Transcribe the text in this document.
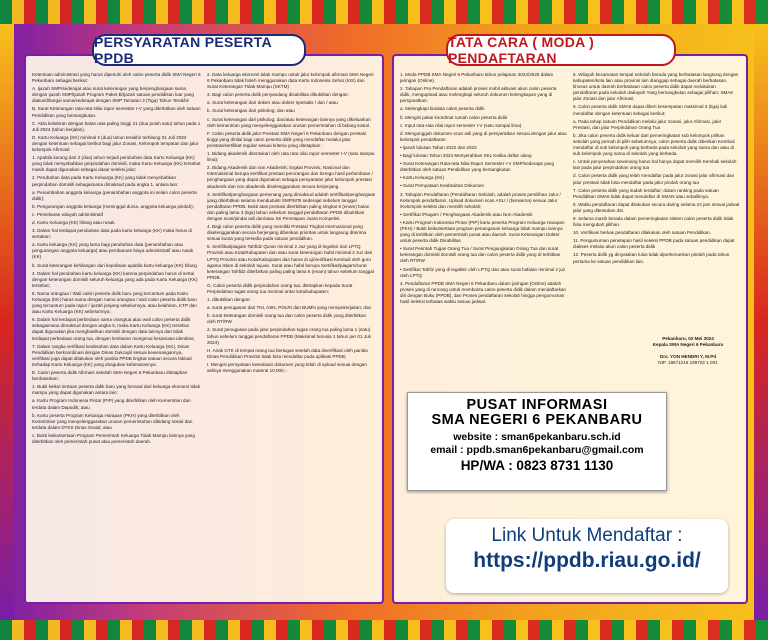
PERSYARATAN PESERTA PPDB
TATA CARA ( MODA ) PENDAFTARAN

Ketentuan administrasi yang harus dipenuhi oleh calon peserta didik SMA Negeri 6 Pekanbaru sebagai berikut:

A. Ijazah SMP/sederajat atau surat keterangan yang berpenghargaan sama dengan ijazah SMP/Ijazah Program Paket B/Ijazah satuan pendidikan luar yang diakui/dihargai sama/sederajat dengan SMP Tamatan 3 (Tiga) Tahun Terakhir

B. Surat Keterangan rata-rata Nilai rapor semester I-V yang diterbitkan oleh satuan Pendidikan yang bersangkutan.

C. Akta kelahiran dengan batas usia paling tinggi 21 (dua puluh satu) tahun pada 1 Juli 2024 (tahun berjalan).

D. Kartu Keluarga (KK) minimal 2 (dua) tahun terakhir terhitung 01 Juli 2022 dengan ketentuan sebagai berikut bagi jalur Zonasi, Kelompok tempatan dan jalur kelompok Afirmasi:

1. Apabila kurang dari 2 (dua) tahun terjadi perubahan data Kartu Keluarga (KK) yang tidak menyebabkan perpindahan domisili, maka Kartu Keluarga (KK) tersebut masih dapat digunakan sebagai dasar seleksi jalur;

2. Perubahan data pada Kartu Keluarga (KK) yang tidak menyebabkan perpindahan domisili sebagaimana dimaksud pada angka 1, antara lain:

a. Penambahan anggota keluarga (penambahan anggota ini selain calon peserta didik);

b. Pengurangan anggota keluarga (meninggal dunia, anggota keluarga pindah);

c. Pemekaran wilayah administratif

d. Kartu Keluarga (KK) hilang atau rusak.

3. Dalam hal terdapat perubahan data pada kartu keluarga (KK) maka harus di sertakan:

a. Kartu keluarga (KK) yang lama bagi perubahan data (penambahan atau pengurangan anggota keluarga) atau pembaruan biaya administratif atau rusak (KK)

b. Surat keterangan kehilangan dari kepolisian apabila kartu keluarga (KK) hilang

4. Dalam hal perubahan kartu keluarga (KK) karena perpindahan harus di sertai dengan keterangan domisili seluruh keluarga yang ada pada Kartu Keluarga (KK) tersebut;

5. Nama orangtua / Wali calon peserta didik baru yang tercantum pada Kartu Keluarga (KK) harus sama dengan nama orangtua / wali calon peserta didik baru yang tercantum pada rapor / ijazah jenjang sebelumnya, atau kelahiran, KTP dan atau Kartu Keluarga (KK) sebelumnya;

6. Dalam hal terdapat perbedaan nama orangtua atau wali calon peserta didik sebagaimana dimaksud dengan angka 5, maka Kartu Keluarga (KK) tersebut dapat digunakan jika menghasilkan domisili dengan data lainnya dan tidak terdapat perbedaan orang tua, dengan lembaran mengenai kesamaan identitas;

7. Dalam rangka verifikasi keabsahan data dalam Kartu Keluarga (KK), Dinas Pendidikan berkoordinasi dengan Dinas Dukcapil sesuai kewenangannya, verifikasi juga dapat dilakukan oleh panitia PPDB tingkat satuan secara faktual terhadap Kartu Keluarga (KK) yang diragukan kebenarannya.

E. Calon peserta didik Afirmasi sekolah SMA Negeri 6 Pekanbaru ditetapkan berdasarkan:

1. Bukti keikut sertaan peserta didik baru yang berasal dari keluarga ekonomi tidak mampu yang dapat digunakan antara lain:

a. Kartu Program Indonesia Pintar (PIP) yang diterbitkan oleh Kementrian dan terdata dalam Dapodik; atau

b. Kartu peserta Program Keluarga Harapan (PKH) yang diterbitkan oleh Kementrian yang menyelenggarakan urusan pemerintahan dibidang sosial dan terdata dalam DTKS Dinas Sosial; atau

c. Bukti keikutsertaan Program Pemerintah Keluarga Tidak Mampu lainnya yang diterbitkan oleh pemerintah pusat atau pemerintah daerah.

2. Data keluarga ekonomi tidak mampu untuk jalur kelompok afirmasi SMA Negeri 6 Pekanbaru tidak boleh menggunakan data Kartu Indonesia Sehat (KIS) dan Surat Keterangan Tidak Mampu (SKTM)

3. Bagi calon peserta didik penyandang disabilitas dibuktikan dengan:

a. Surat keterangan dari dokter atau dokter spesialis / dan / atau

b. Surat keterangan dari psikolog; dan atau

c. Surat keterangan dari psikolog; dan/atau keterangan lainnya yang dikeluarkan oleh kementrian yang menyelenggarakan urusan pemerintahan di bidang sosial.

F. Calon peserta didik jalur Prestasi SMA Negeri 6 Pekanbaru dengan prestasi tinggi yang dinilai bagi calon peserta didik yang mendaftar melalui jalur prestasi/sertifikat regular sesuai kriteria yang ditetapkan :

1. Bidang akademik ditentukan oleh rata rata nilai rapor semester I-V (satu sampai lima);

2. Bidang Akademik dan non Akademik; tingkat Provinsi, Nasional dan Internasional berupa sertifikat prestasi perorangan dan beregu hasil perlombaan / penghargaan yang dapat digunakan sebagai persyaratan jalur kelompok prestasi akademik dan non akademik diselenggarakan secara berjenjang.

3. Sertifikat/penghargaan pemenang yang dimaksud adalah sertifikat/penghargaan yang diterbitkan selama mendudukti SMP/MTs sederajat sebelum tanggal pendaftaran PPDB. Bukti atas prestasi diterbitkan paling singkat 6 (enam) bulan dan paling lama 3 (tiga) tahun sebelum tanggal pendaftaran PPDB dibuktikan dengan scan/pindai asli dan/atau SK Penetapan Juara Kompetisi.

4. Bagi calon peserta didik yang memiliki Prestasi Tingkat Internasional yang diselenggarakan secara berjenjang diberikan prioritas untuk langsung diterima sesuai kuota yang tersedia pada satuan pendidikan.

5. Sertifikat/piagam Tahfidz Quran minimal 2 Juz yang di legalisir dari LPTQ Provinsi atau Kota/Kabupaten dan atau surat keterangan hafal minimal 2 Juz dari LPTQ Provinsi atau Kota/Kabupaten dan harus di uji/verifikasi Kembali oleh guru agama Islam di sekolah tujuan. Surat atau hafal berupa Sertifikat/piagam/surat keterangan Tahfidz diterbitkan paling paling lama 6 (enam) tahun sebelum tanggal PPDB.

G. Calon peserta didik perpindahan orang tua; ditetapkan kepada Surat Perpindahan tugas orang tua minimal antar kota/kabupaten;

1. dibuktikan dengan:

a. surat penugasan dari TNI, ASN, POLRI dan BUMN yang mempekerjakan; dan

b. surat keterangan domisili orang tua dan calon peserta didik yang diterbitkan oleh RT/RW

2. Surat penugasan pada jalur perpindahan tugas orang tua paling lama 1 (satu) tahun sebelum tanggal pendaftaran PPDB (Maksimal berusia 1 tahun per 01 Juli 2024)

H. Anak GTK di tempat orang tua bertugas setelah data diverifikasi oleh panitia Dinas Pendidikan Provinsi tidak bisa mendaftar pada aplikasi PPDB;

I. Mengisi pernyataan kesediaan dokumen yang telah di upload sesuai dengan aslinya menggunakan materai 10.000,-.

1. Moda PPDB SMA Negeri 6 Pekanbaru tahun pelajaran 2024/2025 dalam jaringan (Online).

2. Tahapan Pra Pendaftaran adalah proses mobil aktivasi akun calon peserta didik, mengupload atau melengkapi seluruh dokumen kelengkapan yang di persyaratkan:

a. Melengkapi biodata calon peserta didik

b. Mengisi pakai koordinat rumah calon peserta didik

c. Input rata-rata nilai rapor semester I-V (satu sampai lima)

d. Mengunggah dokumen scan asli yang di persyaratkan sesuai dengan jalur atau kelompok pendaftaran:

• Ijazah lulusan Tahun 2022 dan 2023

• Bagi lulusan Tahun 2024 Menyerahkan SKL Ketika daftar ulang

• Surat Keterangan Rata-rata Nilai Rapor Semester I-V SMP/sederajat yang diterbitkan oleh satuan Pendidikan yang bersangkutan

• Kartu Keluarga (KK)

• Surat Pernyataan Keabsahan Dokumen

3. Tahapan Pendaftaran (Pendaftaran Sekolah, adalah proses pemilihan Jalur / Kelompok pendaftaran, Upload dokumen scan ASLI / (berwarna) sesuai Jalur /Kelompok seleksi dan memilih sekolah;

• Sertifikat /Piagam / Penghargaan Akademik atau Non Akademik

• Kartu Program Indonesia Pintar (PIP) kartu peserta Program Keluarga Harapan (PKH) / Bukti keikutsertaan program penanganan keluarga tidak mampu lainnya yang di terbitkan oleh pemerintah pusat atau daerah. Surat Keterangan Dokter untuk peserta didik Disabilitas

• Surat Perintah Tugas Orang Tua / Surat Pengangkatan Orang Tua dan surat keterangan domisili domisili orang tua dan calon peserta didik yang di terbitkan oleh RT/RW

• Sertifikat Tahfiz yang di legalisir oleh LPTQ dan atau surat hafalan minimal 2 juz oleh LPTQ

4. Pendaftaran PPDB SMA Negeri 6 Pekanbaru dalam jaringan (Online) adalah proses yang di rancang untuk membantu calon peserta didik dalam mendaftarkan diri dengan Buku (PPDB), dan Proses pendaftaran sekolah hingga pengumuman hasil seleksi terbatas waktu sesuai jadwal.

5. Wilayah kecamatan tempat sekolah berada yang berbatasan langsung dengan kabupaten/kota lain atau provinsi lain dianggap sebagai daerah berbatasan, khusus untuk daerah berbatasan calon peserta didik dapat melakukan pendaftaran pada sekolah dwilayah Yang bersangkutan sebagai pilihan; SMA6 jalur Zonasi dan jalur Afirmasi;

6. Calon peserta didik SMA6 dapat diberi kesempatan maksimal 3 (tiga) kali mendaftar dengan ketentuan sebagai berikut:

a. Pada tahap satuan Pendidikan melalui jalur zonasi, jalur Afirmasi, jalur Prestasi, dan jalur Perpindahan Orang Tua

b. Jika calon peserta didik keluar dari pemeringkatan sub kelompok pilihan sekolah yang pernah di pilih sebelumnya, calon peserta didik diberikan Kembali mendaftar di sub kelompok yang berbeda pada sekolah yang sama dan atau di sub kelompok yang sama di sekolah yang berbeda.

c. Untuk penyerahan sewenang harus hal hanya dapat memilih Kembali sekolah lain pada jalur perpindahan orang tua

d. Calon peserta didik yang telah mendaftar pada jalur zonasi jalur afirmasi dan jalur prestasi tidak bisa mendaftar pada jalur pindah orang tua

7. Calon peserta didik yang sudah terdaftar; dalam ranking pada satuan Pendidikan SMA6 tidak dapat mendaftar di SMAN atau sebaliknya.

8. Waktu pendaftaran dapat dilakukan secara daring selama 24 jam sesuai jadwal jalur yang ditentukan dst.

9. Selama masih berada dalam pemeringkatan sistem calon peserta didik tidak bisa mengubah pilihan.

10. Verifikasi berkas pendaftaran dilakukan oleh satuan Pendidikan.

11. Pengumuman penetapan hasil seleksi PPDB pada satuan pendidikan dapat diakses melalui akun calon peserta didik

12. Peserta didik yg dinyatakan lulus tidak diperkenankan pindah pada tahun pertama ke satuan pendidikan lain.

Pekanbaru, 02 Mei 2024
Kepala SMA Negeri 6 Pekanbaru

Drs. YON HENDRI Y, M.Pd
NIP. 19671216 199702 1 001
PUSAT INFORMASI
SMA NEGERI 6 PEKANBARU
website : sman6pekanbaru.sch.id
email : ppdb.sman6pekanbaru@gmail.com
HP/WA : 0823 8731 1130
Link Untuk Mendaftar :
https://ppdb.riau.go.id/
